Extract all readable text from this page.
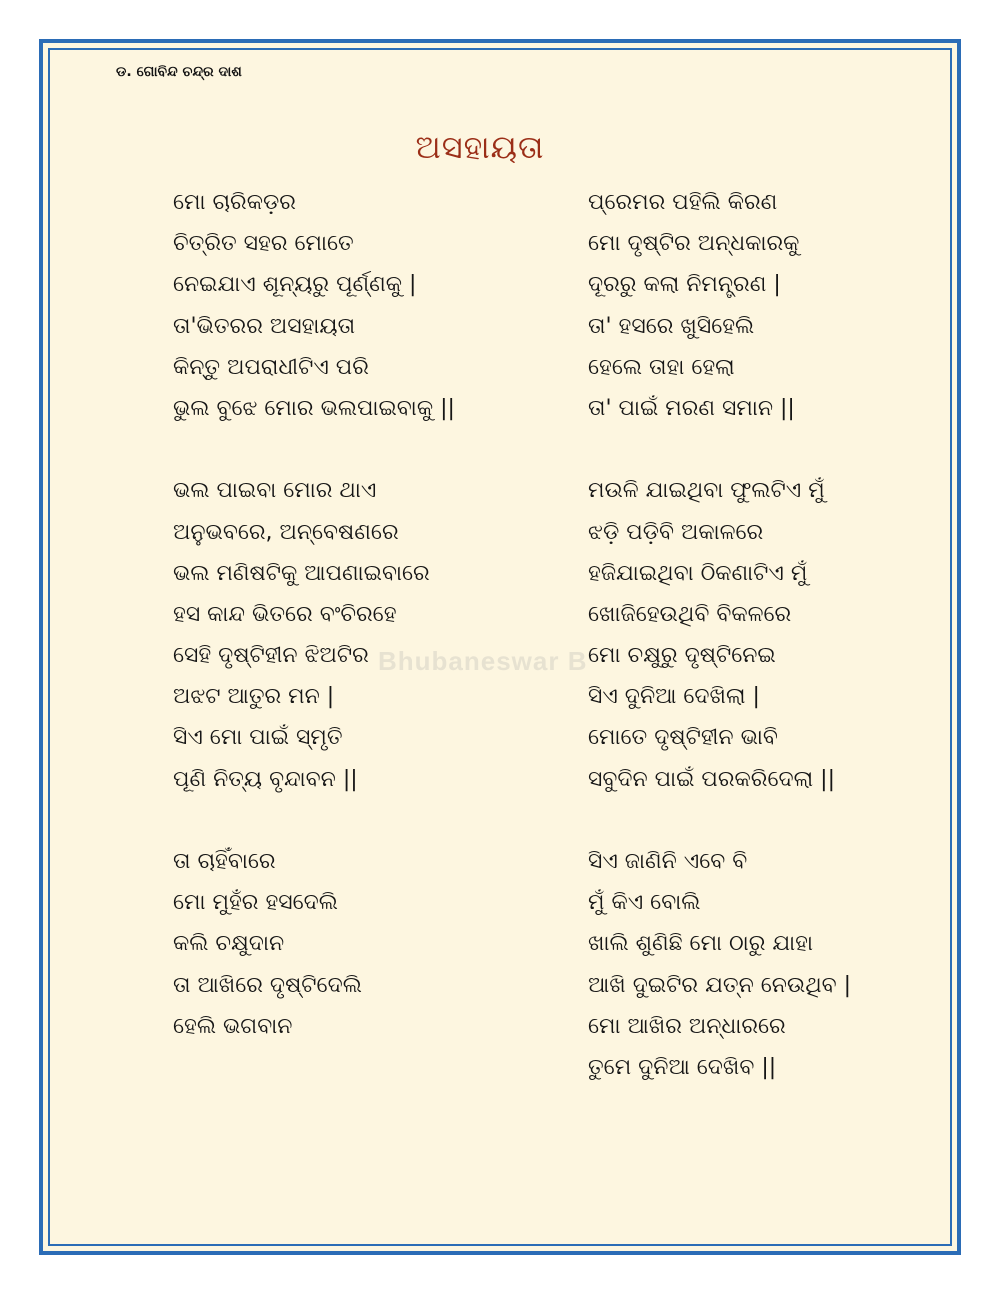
ଡ. ଗୋବିନ୍ଦ ଚନ୍ଦ୍ର ଦାଶ
ଅସହାୟତା
Bhubaneswar B
ମୋ ଚାରିକଡ଼ର
ଚିତ୍ରିତ ସହର ମୋତେ
ନେଇଯାଏ ଶୂନ୍ୟରୁ ପୂର୍ଣ୍ଣକୁ |
ତା'ଭିତରର ଅସହାୟତା
କିନ୍ତୁ ଅପରାଧୀଟିଏ ପରି
ଭୁଲ ବୁଝେ ମୋର ଭଲପାଇବାକୁ ||
ଭଲ ପାଇବା ମୋର ଥାଏ
ଅନୁଭବରେ, ଅନ୍ବେଷଣରେ
ଭଲ ମଣିଷଟିକୁ ଆପଣାଇବାରେ
ହସ କାନ୍ଦ ଭିତରେ ବଂଚିରହେ
ସେହି ଦୃଷ୍ଟିହୀନ ଝିଅଟିର
ଅଝଟ ଆତୁର ମନ |
ସିଏ ମୋ ପାଇଁ ସ୍ମୃତି
ପୂଣି ନିତ୍ୟ ବୃନ୍ଦାବନ ||
ତା ଚାହିଁବାରେ
ମୋ ମୁହଁର ହସଦେଲି
କଲି ଚକ୍ଷୁଦାନ
ତା ଆଖିରେ ଦୃଷ୍ଟିଦେଲି
ହେଲି ଭଗବାନ
ପ୍ରେମର ପହିଲି କିରଣ
ମୋ ଦୃଷ୍ଟିର ଅନ୍ଧକାରକୁ
ଦୂରରୁ କଲା ନିମନ୍ତ୍ରଣ |
ତା' ହସରେ ଖୁସିହେଲି
ହେଲେ ତାହା ହେଲା
ତା' ପାଇଁ ମରଣ ସମାନ ||
ମଉଳି ଯାଇଥିବା ଫୁଲଟିଏ ମୁଁ
ଝଡ଼ି ପଡ଼ିବି ଅକାଳରେ
ହଜିଯାଇଥିବା ଠିକଣାଟିଏ ମୁଁ
ଖୋଜିହେଉଥିବି ବିକଳରେ
ମୋ ଚକ୍ଷୁରୁ ଦୃଷ୍ଟିନେଇ
ସିଏ ଦୁନିଆ ଦେଖିଲା |
ମୋତେ ଦୃଷ୍ଟିହୀନ ଭାବି
ସବୁଦିନ ପାଇଁ ପରକରିଦେଲା ||
ସିଏ ଜାଣିନି ଏବେ ବି
ମୁଁ କିଏ ବୋଲି
ଖାଲି ଶୁଣିଛି ମୋ ଠାରୁ ଯାହା
ଆଖି ଦୁଇଟିର ଯତ୍ନ ନେଉଥିବ |
ମୋ ଆଖିର ଅନ୍ଧାରରେ
ତୁମେ ଦୁନିଆ ଦେଖିବ ||
